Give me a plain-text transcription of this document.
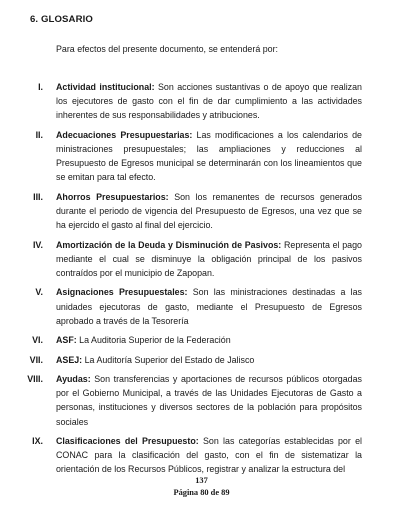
6. GLOSARIO
Para efectos del presente documento, se entenderá por:
I. Actividad institucional: Son acciones sustantivas o de apoyo que realizan los ejecutores de gasto con el fin de dar cumplimiento a las actividades inherentes de sus responsabilidades y atribuciones.
II. Adecuaciones Presupuestarias: Las modificaciones a los calendarios de ministraciones presupuestales; las ampliaciones y reducciones al Presupuesto de Egresos municipal se determinarán con los lineamientos que se emitan para tal efecto.
III. Ahorros Presupuestarios: Son los remanentes de recursos generados durante el periodo de vigencia del Presupuesto de Egresos, una vez que se ha ejercido el gasto al final del ejercicio.
IV. Amortización de la Deuda y Disminución de Pasivos: Representa el pago mediante el cual se disminuye la obligación principal de los pasivos contraídos por el municipio de Zapopan.
V. Asignaciones Presupuestales: Son las ministraciones destinadas a las unidades ejecutoras de gasto, mediante el Presupuesto de Egresos aprobado a través de la Tesorería
VI. ASF: La Auditoria Superior de la Federación
VII. ASEJ: La Auditoría Superior del Estado de Jalisco
VIII. Ayudas: Son transferencias y aportaciones de recursos públicos otorgadas por el Gobierno Municipal, a través de las Unidades Ejecutoras de Gasto a personas, instituciones y diversos sectores de la población para propósitos sociales
IX. Clasificaciones del Presupuesto: Son las categorías establecidas por el CONAC para la clasificación del gasto, con el fin de sistematizar la orientación de los Recursos Públicos, registrar y analizar la estructura del
137
Página 80 de 89
